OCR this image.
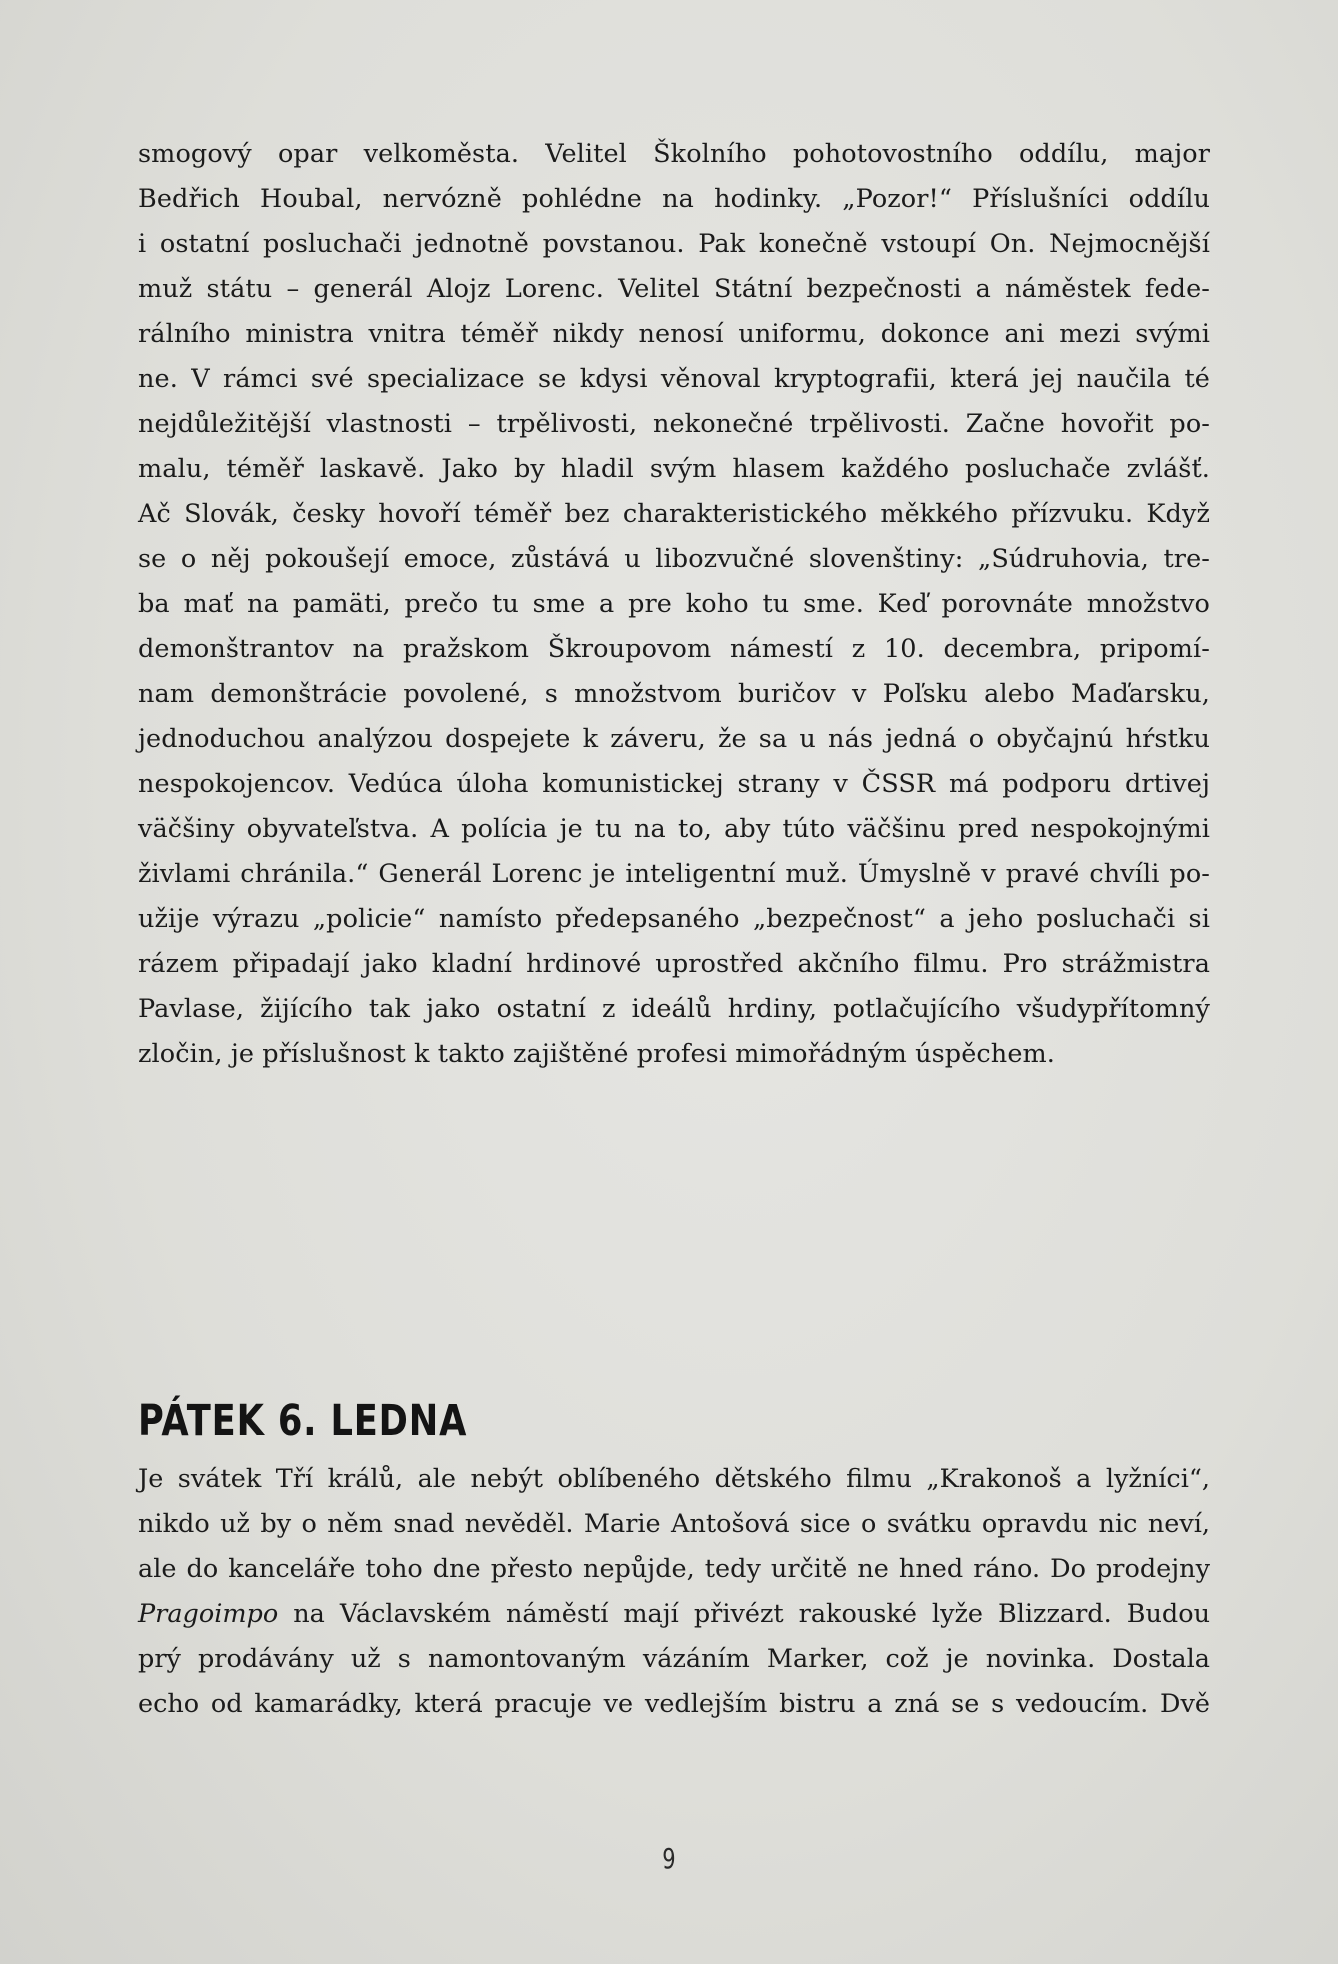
smogový opar velkoměsta. Velitel Školního pohotovostního oddílu, major
Bedřich Houbal, nervózně pohlédne na hodinky. „Pozor!“ Příslušníci oddílu
i ostatní posluchači jednotně povstanou. Pak konečně vstoupí On. Nejmocnější
muž státu – generál Alojz Lorenc. Velitel Státní bezpečnosti a náměstek fede-
rálního ministra vnitra téměř nikdy nenosí uniformu, dokonce ani mezi svými
ne. V rámci své specializace se kdysi věnoval kryptografii, která jej naučila té
nejdůležitější vlastnosti – trpělivosti, nekonečné trpělivosti. Začne hovořit po-
malu, téměř laskavě. Jako by hladil svým hlasem každého posluchače zvlášť.
Ač Slovák, česky hovoří téměř bez charakteristického měkkého přízvuku. Když
se o něj pokoušejí emoce, zůstává u libozvučné slovenštiny: „Súdruhovia, tre-
ba mať na pamäti, prečo tu sme a pre koho tu sme. Keď porovnáte množstvo
demonštrantov na pražskom Škroupovom námestí z 10. decembra, pripomí-
nam demonštrácie povolené, s množstvom buričov v Poľsku alebo Maďarsku,
jednoduchou analýzou dospejete k záveru, že sa u nás jedná o obyčajnú hŕstku
nespokojencov. Vedúca úloha komunistickej strany v ČSSR má podporu drtivej
väčšiny obyvateľstva. A polícia je tu na to, aby túto väčšinu pred nespokojnými
živlami chránila.“ Generál Lorenc je inteligentní muž. Úmyslně v pravé chvíli po-
užije výrazu „policie“ namísto předepsaného „bezpečnost“ a jeho posluchači si
rázem připadají jako kladní hrdinové uprostřed akčního filmu. Pro strážmistra
Pavlase, žijícího tak jako ostatní z ideálů hrdiny, potlačujícího všudypřítomný
zločin, je příslušnost k takto zajištěné profesi mimořádným úspěchem.
PÁTEK 6. LEDNA
Je svátek Tří králů, ale nebýt oblíbeného dětského filmu „Krakonoš a lyžníci“,
nikdo už by o něm snad nevěděl. Marie Antošová sice o svátku opravdu nic neví,
ale do kanceláře toho dne přesto nepůjde, tedy určitě ne hned ráno. Do prodejny
Pragoimpo na Václavském náměstí mají přivézt rakouské lyže Blizzard. Budou
prý prodávány už s namontovaným vázáním Marker, což je novinka. Dostala
echo od kamarádky, která pracuje ve vedlejším bistru a zná se s vedoucím. Dvě
9
